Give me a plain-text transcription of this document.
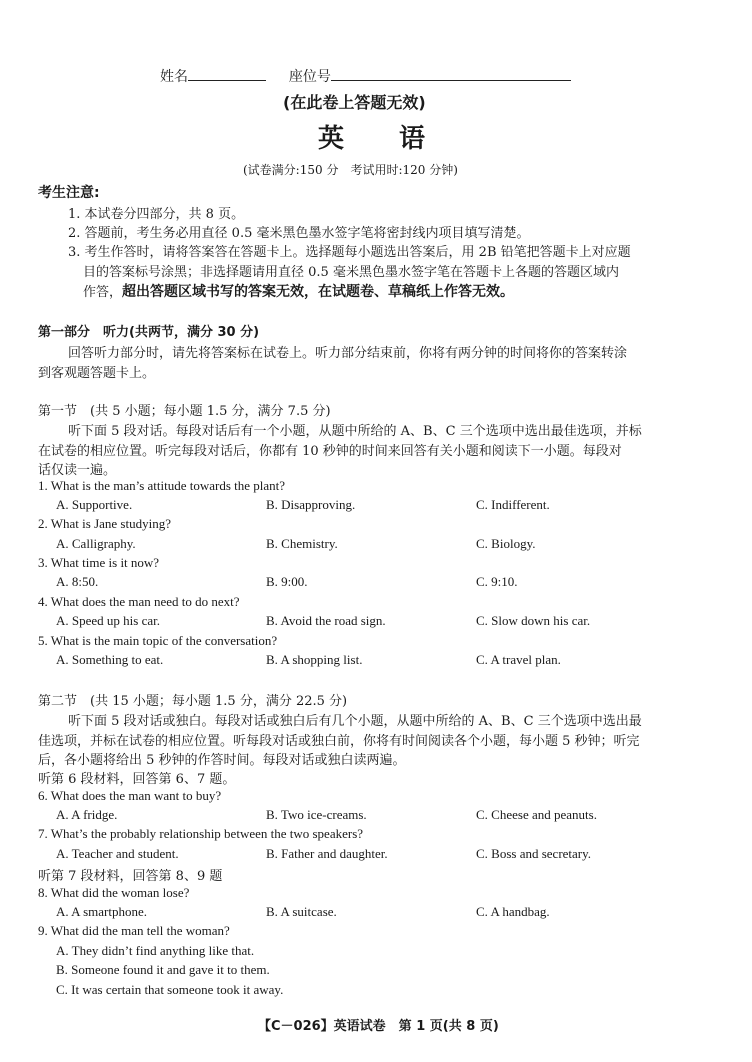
姓名	座位号
(在此卷上答题无效)
英　　语
(试卷满分:150 分　考试用时:120 分钟)
考生注意:
1. 本试卷分四部分，共 8 页。
2. 答题前，考生务必用直径 0.5 毫米黑色墨水签字笔将密封线内项目填写清楚。
3. 考生作答时，请将答案答在答题卡上。选择题每小题选出答案后，用 2B 铅笔把答题卡上对应题
目的答案标号涂黑；非选择题请用直径 0.5 毫米黑色墨水签字笔在答题卡上各题的答题区域内
作答，超出答题区域书写的答案无效，在试题卷、草稿纸上作答无效。
第一部分　听力(共两节，满分 30 分)
回答听力部分时，请先将答案标在试卷上。听力部分结束前，你将有两分钟的时间将你的答案转涂
到客观题答题卡上。
第一节　(共 5 小题；每小题 1.5 分，满分 7.5 分)
听下面 5 段对话。每段对话后有一个小题，从题中所给的 A、B、C 三个选项中选出最佳选项，并标
在试卷的相应位置。听完每段对话后，你都有 10 秒钟的时间来回答有关小题和阅读下一小题。每段对
话仅读一遍。
1. What is the man’s attitude towards the plant?
A. Supportive.	B. Disapproving.	C. Indifferent.
2. What is Jane studying?
A. Calligraphy.	B. Chemistry.	C. Biology.
3. What time is it now?
A. 8:50.	B. 9:00.	C. 9:10.
4. What does the man need to do next?
A. Speed up his car.	B. Avoid the road sign.	C. Slow down his car.
5. What is the main topic of the conversation?
A. Something to eat.	B. A shopping list.	C. A travel plan.
第二节　(共 15 小题；每小题 1.5 分，满分 22.5 分)
听下面 5 段对话或独白。每段对话或独白后有几个小题，从题中所给的 A、B、C 三个选项中选出最
佳选项，并标在试卷的相应位置。听每段对话或独白前，你将有时间阅读各个小题，每小题 5 秒钟；听完
后，各小题将给出 5 秒钟的作答时间。每段对话或独白读两遍。
听第 6 段材料，回答第 6、7 题。
6. What does the man want to buy?
A. A fridge.	B. Two ice-creams.	C. Cheese and peanuts.
7. What’s the probably relationship between the two speakers?
A. Teacher and student.	B. Father and daughter.	C. Boss and secretary.
听第 7 段材料，回答第 8、9 题
8. What did the woman lose?
A. A smartphone.	B. A suitcase.	C. A handbag.
9. What did the man tell the woman?
A. They didn’t find anything like that.
B. Someone found it and gave it to them.
C. It was certain that someone took it away.
【C－026】英语试卷　第 1 页(共 8 页)
